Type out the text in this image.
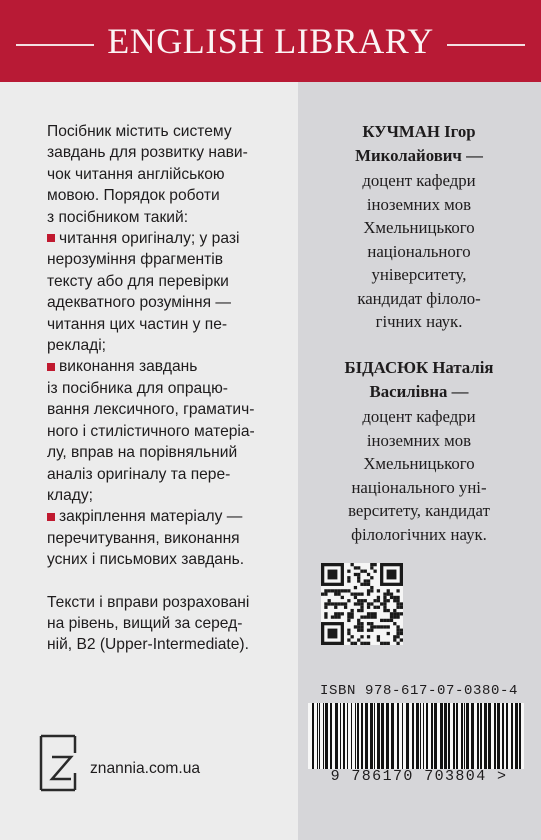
ENGLISH LIBRARY

Посібник містить систему
завдань для розвитку нави-
чок читання англійською
мовою. Порядок роботи
з посібником такий:

читання оригіналу; у разі
нерозуміння фрагментів
тексту або для перевірки
адекватного розуміння —
читання цих частин у пе-
рекладі;

виконання завдань
із посібника для опрацю-
вання лексичного, граматич-
ного і стилістичного матеріа-
лу, вправ на порівняльний
аналіз оригіналу та пере-
кладу;

закріплення матеріалу —
перечитування, виконання
усних і письмових завдань.

Тексти і вправи розраховані
на рівень, вищий за серед-
ній, B2 (Upper-Intermediate).

КУЧМАН Ігор
Миколайович —
доцент кафедри
іноземних мов
Хмельницького
національного
університету,
кандидат філоло-
гічних наук.
БІДАСЮК Наталія
Василівна —
доцент кафедри
іноземних мов
Хмельницького
національного уні-
верситету, кандидат
філологічних наук.
ISBN 978-617-07-0380-4
9 786170 703804 >
znannia.com.ua
